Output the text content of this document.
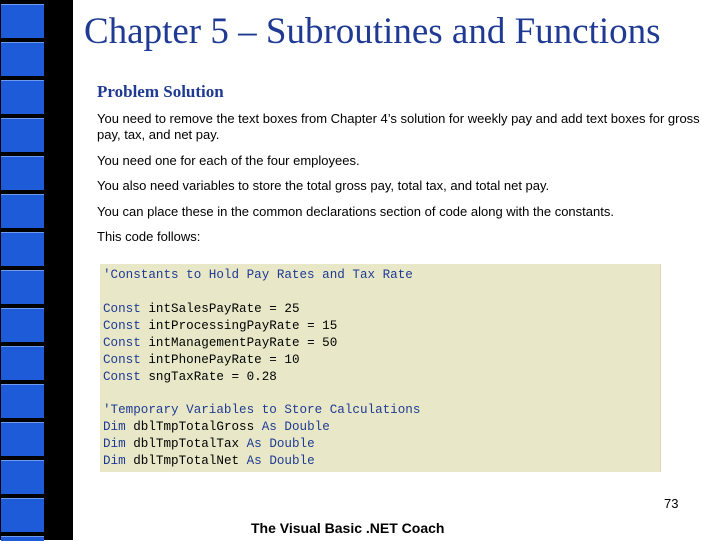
Chapter 5 – Subroutines and Functions
Problem Solution
You need to remove the text boxes from Chapter 4’s solution for weekly pay and add text boxes for gross pay, tax, and net pay.
You need one for each of the four employees.
You also need variables to store the total gross pay, total tax, and total net pay.
You can place these in the common declarations section of code along with the constants.
This code follows:
'Constants to Hold Pay Rates and Tax Rate
Const intSalesPayRate = 25
Const intProcessingPayRate = 15
Const intManagementPayRate = 50
Const intPhonePayRate = 10
Const sngTaxRate = 0.28
'Temporary Variables to Store Calculations
Dim dblTmpTotalGross As Double
Dim dblTmpTotalTax As Double
Dim dblTmpTotalNet As Double
73
The Visual Basic .NET Coach
